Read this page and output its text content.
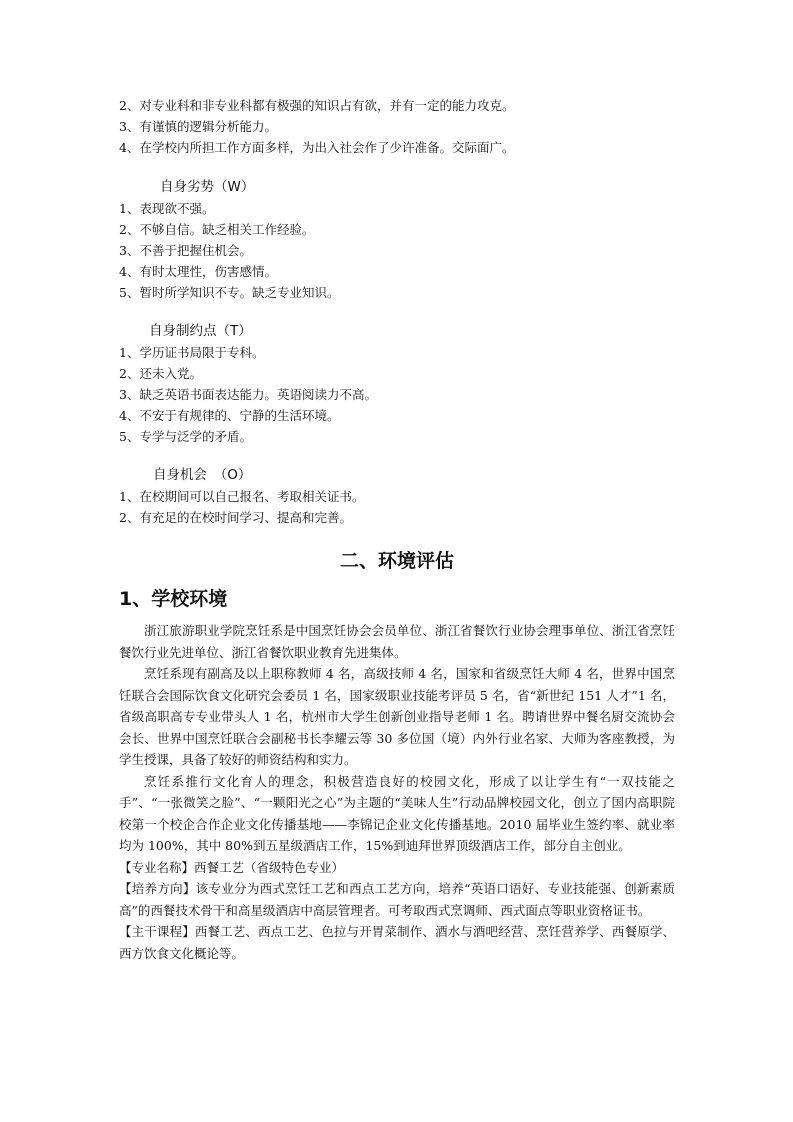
2、对专业科和非专业科都有极强的知识占有欲，并有一定的能力攻克。

3、有谨慎的逻辑分析能力。

4、在学校内所担工作方面多样，为出入社会作了少许准备。交际面广。

自身劣势（W）

1、表现欲不强。

2、不够自信。缺乏相关工作经验。

3、不善于把握住机会。

4、有时太理性，伤害感情。

5、暂时所学知识不专。缺乏专业知识。

自身制约点（T）

1、学历证书局限于专科。

2、还未入党。

3、缺乏英语书面表达能力。英语阅读力不高。

4、不安于有规律的、宁静的生活环境。

5、专学与泛学的矛盾。

自身机会　（O）

1、在校期间可以自己报名、考取相关证书。

2、有充足的在校时间学习、提高和完善。

二、环境评估
1、学校环境

浙江旅游职业学院烹饪系是中国烹饪协会会员单位、浙江省餐饮行业协会理事单位、浙江省烹饪餐饮行业先进单位、浙江省餐饮职业教育先进集体。

烹饪系现有副高及以上职称教师 4 名，高级技师 4 名，国家和省级烹饪大师 4 名，世界中国烹饪联合会国际饮食文化研究会委员 1 名，国家级职业技能考评员 5 名，省“新世纪 151 人才”1 名，省级高职高专专业带头人 1 名，杭州市大学生创新创业指导老师 1 名。聘请世界中餐名厨交流协会会长、世界中国烹饪联合会副秘书长李耀云等 30 多位国（境）内外行业名家、大师为客座教授，为学生授课，具备了较好的师资结构和实力。

烹饪系推行文化育人的理念，积极营造良好的校园文化，形成了以让学生有“一双技能之手”、“一张微笑之脸”、“一颗阳光之心”为主题的“美味人生”行动品牌校园文化，创立了国内高职院校第一个校企合作企业文化传播基地——李锦记企业文化传播基地。2010 届毕业生签约率、就业率均为 100%，其中 80%到五星级酒店工作，15%到迪拜世界顶级酒店工作，部分自主创业。

【专业名称】西餐工艺（省级特色专业）

【培养方向】该专业分为西式烹饪工艺和西点工艺方向，培养“英语口语好、专业技能强、创新素质高”的西餐技术骨干和高星级酒店中高层管理者。可考取西式烹调师、西式面点等职业资格证书。

【主干课程】西餐工艺、西点工艺、色拉与开胃菜制作、酒水与酒吧经营、烹饪营养学、西餐原学、西方饮食文化概论等。
